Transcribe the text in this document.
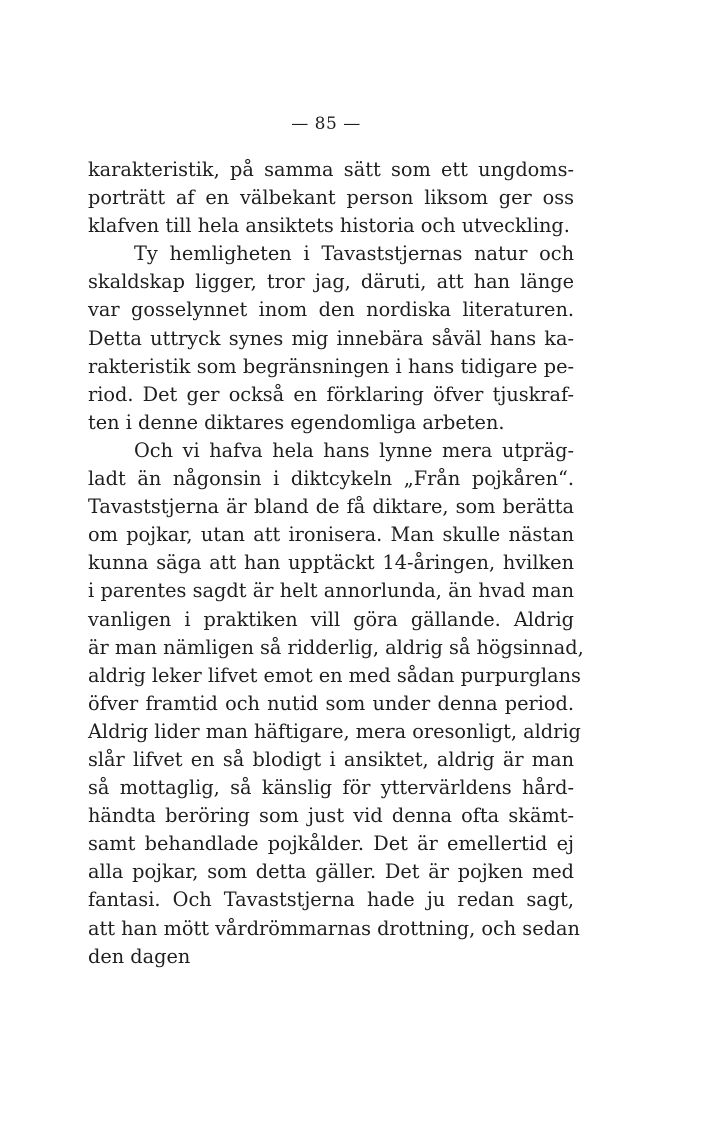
— 85 —
karakteristik, på samma sätt som ett ungdoms-
porträtt af en välbekant person liksom ger oss
klafven till hela ansiktets historia och utveckling.
Ty hemligheten i Tavaststjernas natur och
skaldskap ligger, tror jag, däruti, att han länge
var gosselynnet inom den nordiska literaturen.
Detta uttryck synes mig innebära såväl hans ka-
rakteristik som begränsningen i hans tidigare pe-
riod. Det ger också en förklaring öfver tjuskraf-
ten i denne diktares egendomliga arbeten.
Och vi hafva hela hans lynne mera utpräg-
ladt än någonsin i diktcykeln „Från pojkåren“.
Tavaststjerna är bland de få diktare, som berätta
om pojkar, utan att ironisera. Man skulle nästan
kunna säga att han upptäckt 14-åringen, hvilken
i parentes sagdt är helt annorlunda, än hvad man
vanligen i praktiken vill göra gällande. Aldrig
är man nämligen så ridderlig, aldrig så högsinnad,
aldrig leker lifvet emot en med sådan purpurglans
öfver framtid och nutid som under denna period.
Aldrig lider man häftigare, mera oresonligt, aldrig
slår lifvet en så blodigt i ansiktet, aldrig är man
så mottaglig, så känslig för yttervärldens hård-
händta beröring som just vid denna ofta skämt-
samt behandlade pojkålder. Det är emellertid ej
alla pojkar, som detta gäller. Det är pojken med
fantasi. Och Tavaststjerna hade ju redan sagt,
att han mött vårdrömmarnas drottning, och sedan
den dagen
